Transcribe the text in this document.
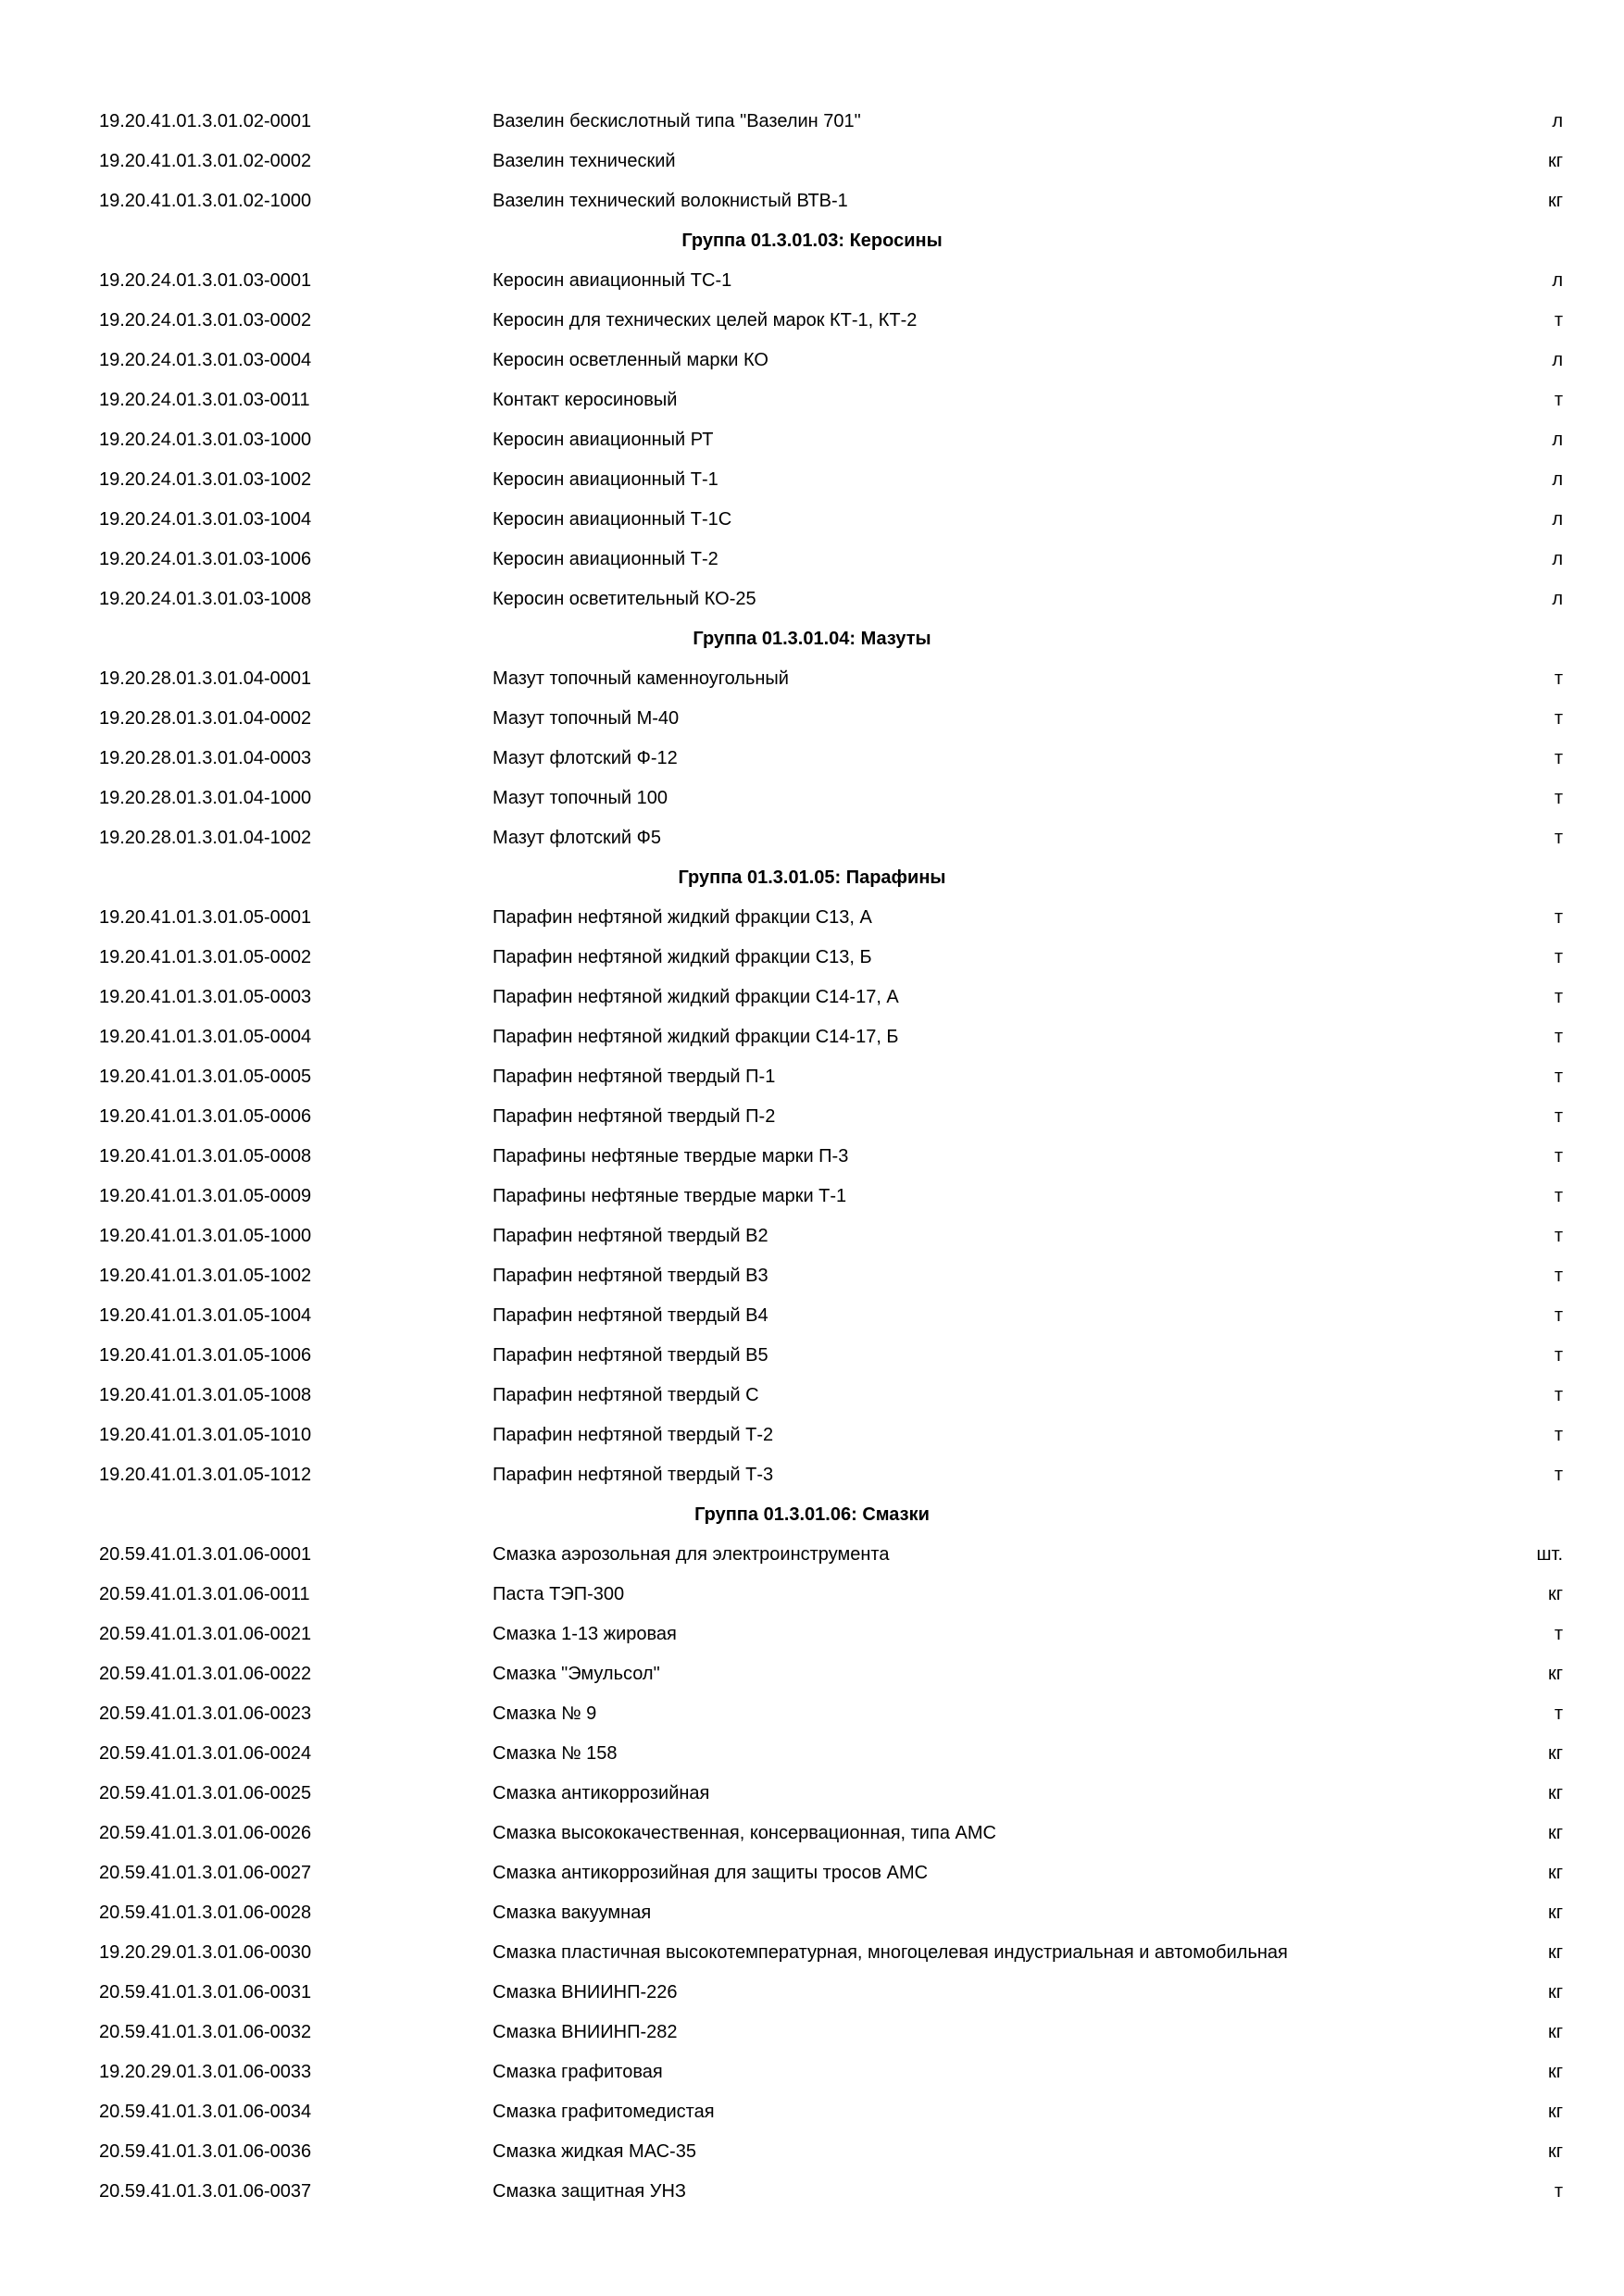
19.20.41.01.3.01.02-0001	Вазелин бескислотный типа "Вазелин 701"	л
19.20.41.01.3.01.02-0002	Вазелин технический	кг
19.20.41.01.3.01.02-1000	Вазелин технический волокнистый ВТВ-1	кг
Группа 01.3.01.03: Керосины
19.20.24.01.3.01.03-0001	Керосин авиационный ТС-1	л
19.20.24.01.3.01.03-0002	Керосин для технических целей марок КТ-1, КТ-2	т
19.20.24.01.3.01.03-0004	Керосин осветленный марки КО	л
19.20.24.01.3.01.03-0011	Контакт керосиновый	т
19.20.24.01.3.01.03-1000	Керосин авиационный РТ	л
19.20.24.01.3.01.03-1002	Керосин авиационный Т-1	л
19.20.24.01.3.01.03-1004	Керосин авиационный Т-1С	л
19.20.24.01.3.01.03-1006	Керосин авиационный Т-2	л
19.20.24.01.3.01.03-1008	Керосин осветительный КО-25	л
Группа 01.3.01.04: Мазуты
19.20.28.01.3.01.04-0001	Мазут топочный каменноугольный	т
19.20.28.01.3.01.04-0002	Мазут топочный М-40	т
19.20.28.01.3.01.04-0003	Мазут флотский Ф-12	т
19.20.28.01.3.01.04-1000	Мазут топочный 100	т
19.20.28.01.3.01.04-1002	Мазут флотский Ф5	т
Группа 01.3.01.05: Парафины
19.20.41.01.3.01.05-0001	Парафин нефтяной жидкий фракции С13, А	т
19.20.41.01.3.01.05-0002	Парафин нефтяной жидкий фракции С13, Б	т
19.20.41.01.3.01.05-0003	Парафин нефтяной жидкий фракции С14-17, А	т
19.20.41.01.3.01.05-0004	Парафин нефтяной жидкий фракции С14-17, Б	т
19.20.41.01.3.01.05-0005	Парафин нефтяной твердый П-1	т
19.20.41.01.3.01.05-0006	Парафин нефтяной твердый П-2	т
19.20.41.01.3.01.05-0008	Парафины нефтяные твердые марки П-3	т
19.20.41.01.3.01.05-0009	Парафины нефтяные твердые марки Т-1	т
19.20.41.01.3.01.05-1000	Парафин нефтяной твердый В2	т
19.20.41.01.3.01.05-1002	Парафин нефтяной твердый В3	т
19.20.41.01.3.01.05-1004	Парафин нефтяной твердый В4	т
19.20.41.01.3.01.05-1006	Парафин нефтяной твердый В5	т
19.20.41.01.3.01.05-1008	Парафин нефтяной твердый С	т
19.20.41.01.3.01.05-1010	Парафин нефтяной твердый Т-2	т
19.20.41.01.3.01.05-1012	Парафин нефтяной твердый Т-3	т
Группа 01.3.01.06: Смазки
20.59.41.01.3.01.06-0001	Смазка аэрозольная для электроинструмента	шт.
20.59.41.01.3.01.06-0011	Паста ТЭП-300	кг
20.59.41.01.3.01.06-0021	Смазка 1-13 жировая	т
20.59.41.01.3.01.06-0022	Смазка "Эмульсол"	кг
20.59.41.01.3.01.06-0023	Смазка № 9	т
20.59.41.01.3.01.06-0024	Смазка № 158	кг
20.59.41.01.3.01.06-0025	Смазка антикоррозийная	кг
20.59.41.01.3.01.06-0026	Смазка высококачественная, консервационная, типа АМС	кг
20.59.41.01.3.01.06-0027	Смазка антикоррозийная для защиты тросов АМС	кг
20.59.41.01.3.01.06-0028	Смазка вакуумная	кг
19.20.29.01.3.01.06-0030	Смазка пластичная высокотемпературная, многоцелевая индустриальная и автомобильная	кг
20.59.41.01.3.01.06-0031	Смазка ВНИИНП-226	кг
20.59.41.01.3.01.06-0032	Смазка ВНИИНП-282	кг
19.20.29.01.3.01.06-0033	Смазка графитовая	кг
20.59.41.01.3.01.06-0034	Смазка графитомедистая	кг
20.59.41.01.3.01.06-0036	Смазка жидкая МАС-35	кг
20.59.41.01.3.01.06-0037	Смазка защитная УНЗ	т
